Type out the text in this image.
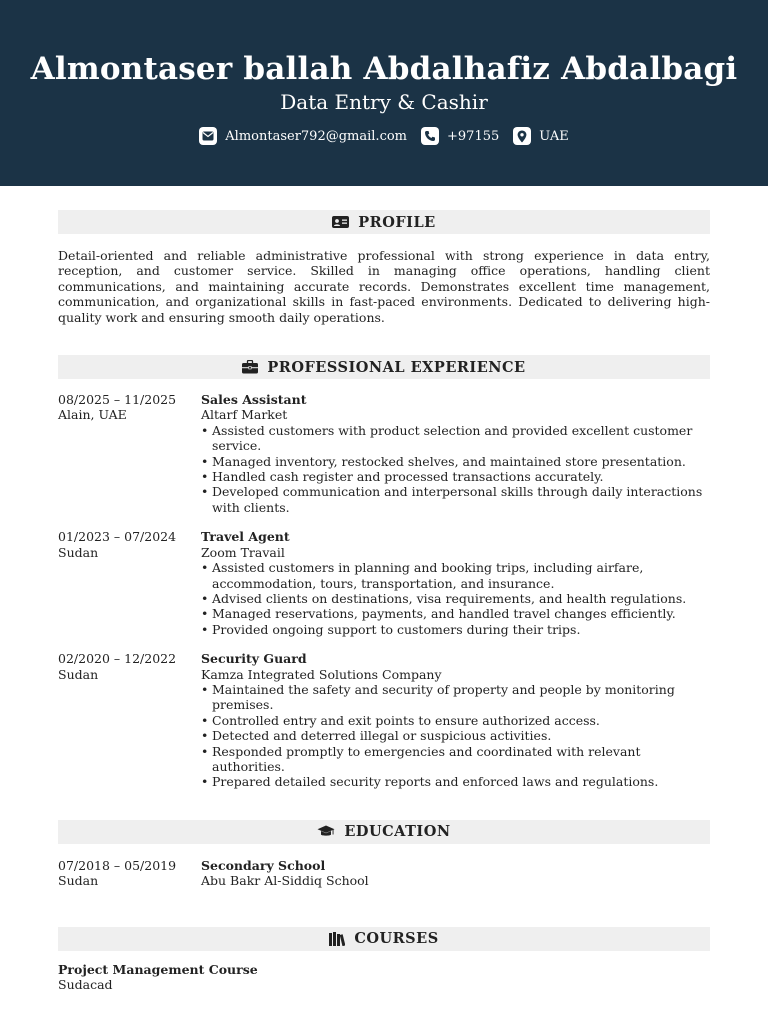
Almontaser ballah Abdalhafiz Abdalbagi
Data Entry & Cashir
Almontaser792@gmail.com	+97155	UAE
PROFILE
Detail-oriented and reliable administrative professional with strong experience in data entry, reception, and customer service. Skilled in managing office operations, handling client communications, and maintaining accurate records. Demonstrates excellent time management, communication, and organizational skills in fast-paced environments. Dedicated to delivering high-quality work and ensuring smooth daily operations.
PROFESSIONAL EXPERIENCE
08/2025 – 11/2025
Alain, UAE
Sales Assistant
Altarf Market
• Assisted customers with product selection and provided excellent customer service.
• Managed inventory, restocked shelves, and maintained store presentation.
• Handled cash register and processed transactions accurately.
• Developed communication and interpersonal skills through daily interactions with clients.
01/2023 – 07/2024
Sudan
Travel Agent
Zoom Travail
• Assisted customers in planning and booking trips, including airfare, accommodation, tours, transportation, and insurance.
• Advised clients on destinations, visa requirements, and health regulations.
• Managed reservations, payments, and handled travel changes efficiently.
• Provided ongoing support to customers during their trips.
02/2020 – 12/2022
Sudan
Security Guard
Kamza Integrated Solutions Company
• Maintained the safety and security of property and people by monitoring premises.
• Controlled entry and exit points to ensure authorized access.
• Detected and deterred illegal or suspicious activities.
• Responded promptly to emergencies and coordinated with relevant authorities.
• Prepared detailed security reports and enforced laws and regulations.
EDUCATION
07/2018 – 05/2019
Sudan
Secondary School
Abu Bakr Al-Siddiq School
COURSES
Project Management Course
Sudacad
